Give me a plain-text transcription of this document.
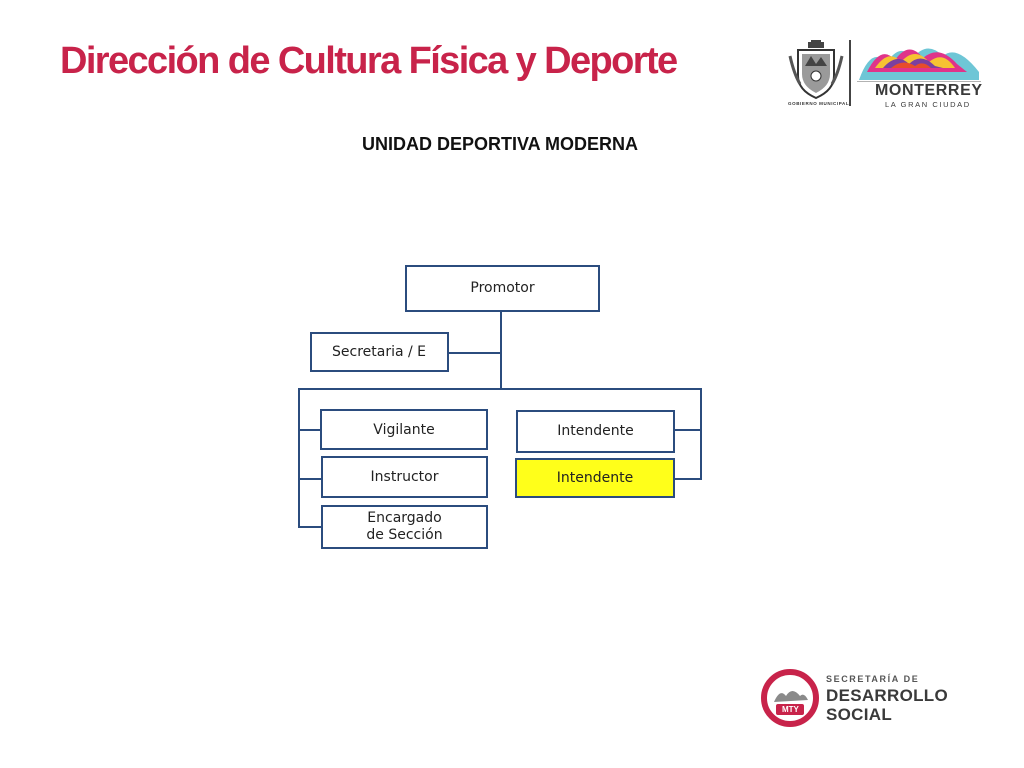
Dirección de Cultura Física y Deporte
GOBIERNO MUNICIPAL
MONTERREY
LA GRAN CIUDAD
UNIDAD DEPORTIVA MODERNA
Promotor
Secretaria / E
Vigilante
Instructor
Encargado
de Sección
Intendente
Intendente
MTY
SECRETARÍA DE
DESARROLLO
SOCIAL
